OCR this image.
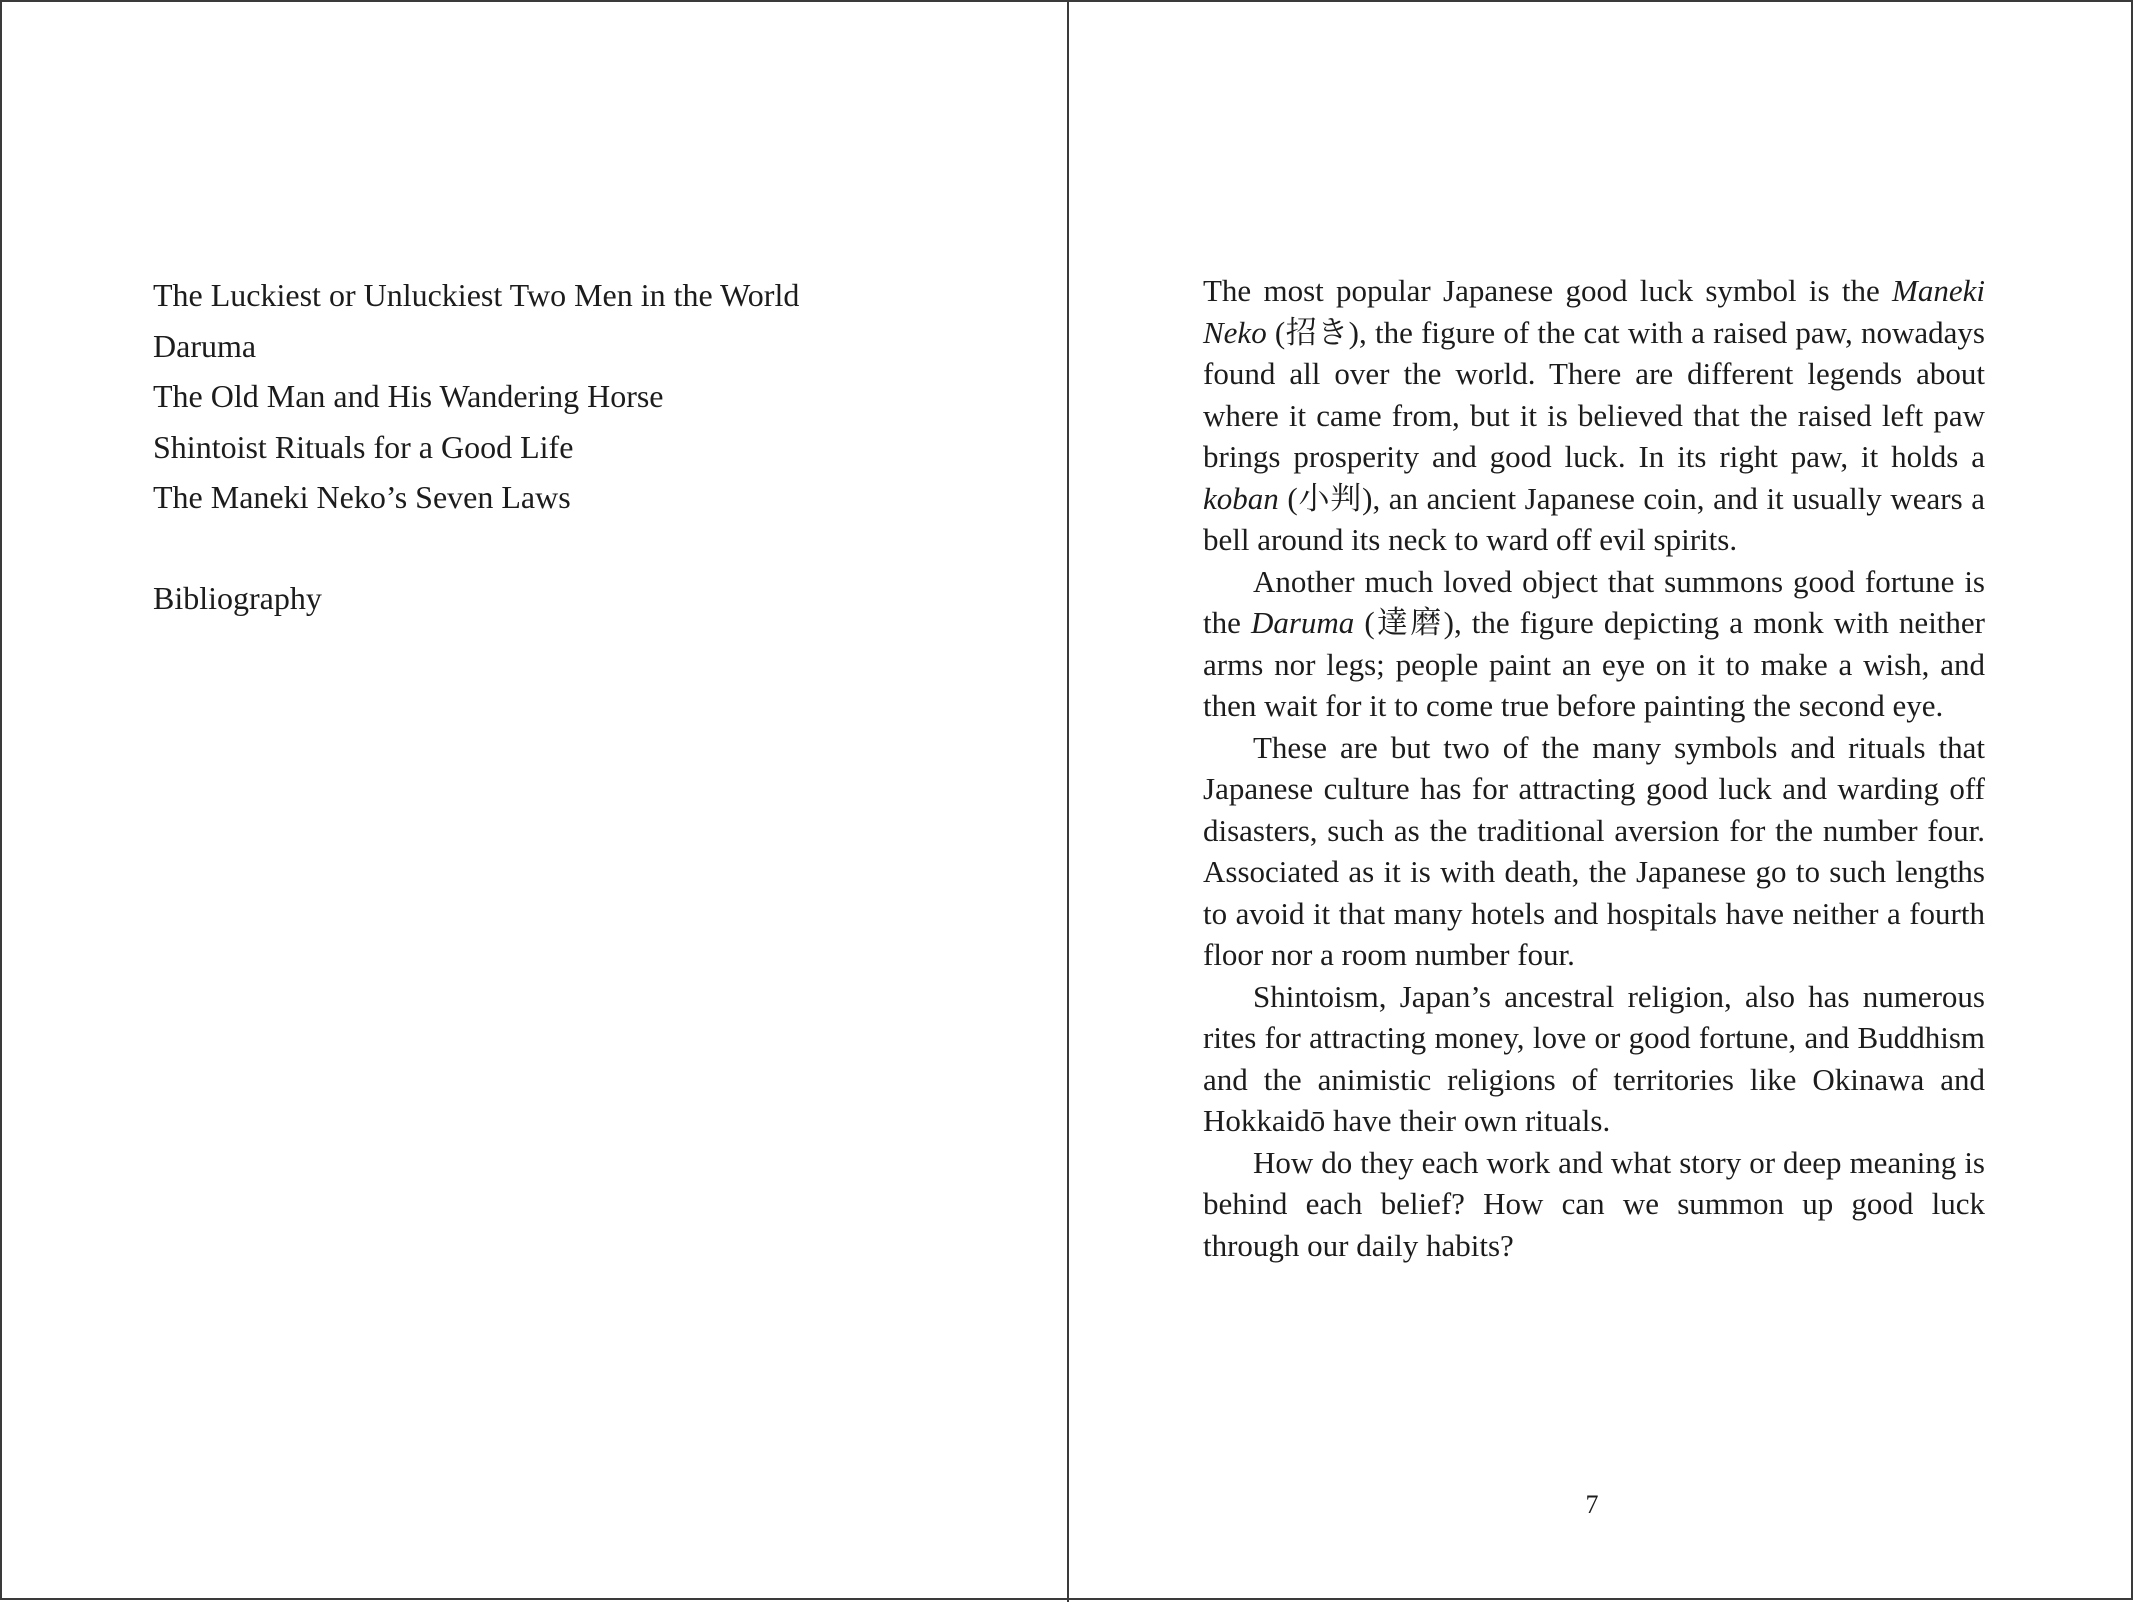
The Luckiest or Unluckiest Two Men in the World
Daruma
The Old Man and His Wandering Horse
Shintoist Rituals for a Good Life
The Maneki Neko’s Seven Laws
Bibliography

The most popular Japanese good luck symbol is the Maneki Neko (招き), the figure of the cat with a raised paw, nowadays found all over the world. There are different legends about where it came from, but it is believed that the raised left paw brings prosperity and good luck. In its right paw, it holds a koban (小判), an ancient Japanese coin, and it usually wears a bell around its neck to ward off evil spirits.

Another much loved object that summons good fortune is the Daruma (達磨), the figure depicting a monk with neither arms nor legs; people paint an eye on it to make a wish, and then wait for it to come true before painting the second eye.

These are but two of the many symbols and rituals that Japanese culture has for attracting good luck and warding off disasters, such as the traditional aversion for the number four. Associated as it is with death, the Japanese go to such lengths to avoid it that many hotels and hospitals have neither a fourth floor nor a room number four.

Shintoism, Japan’s ancestral religion, also has numerous rites for attracting money, love or good fortune, and Buddhism and the animistic religions of territories like Okinawa and Hokkaidō have their own rituals.

How do they each work and what story or deep meaning is behind each belief? How can we summon up good luck through our daily habits?

7
